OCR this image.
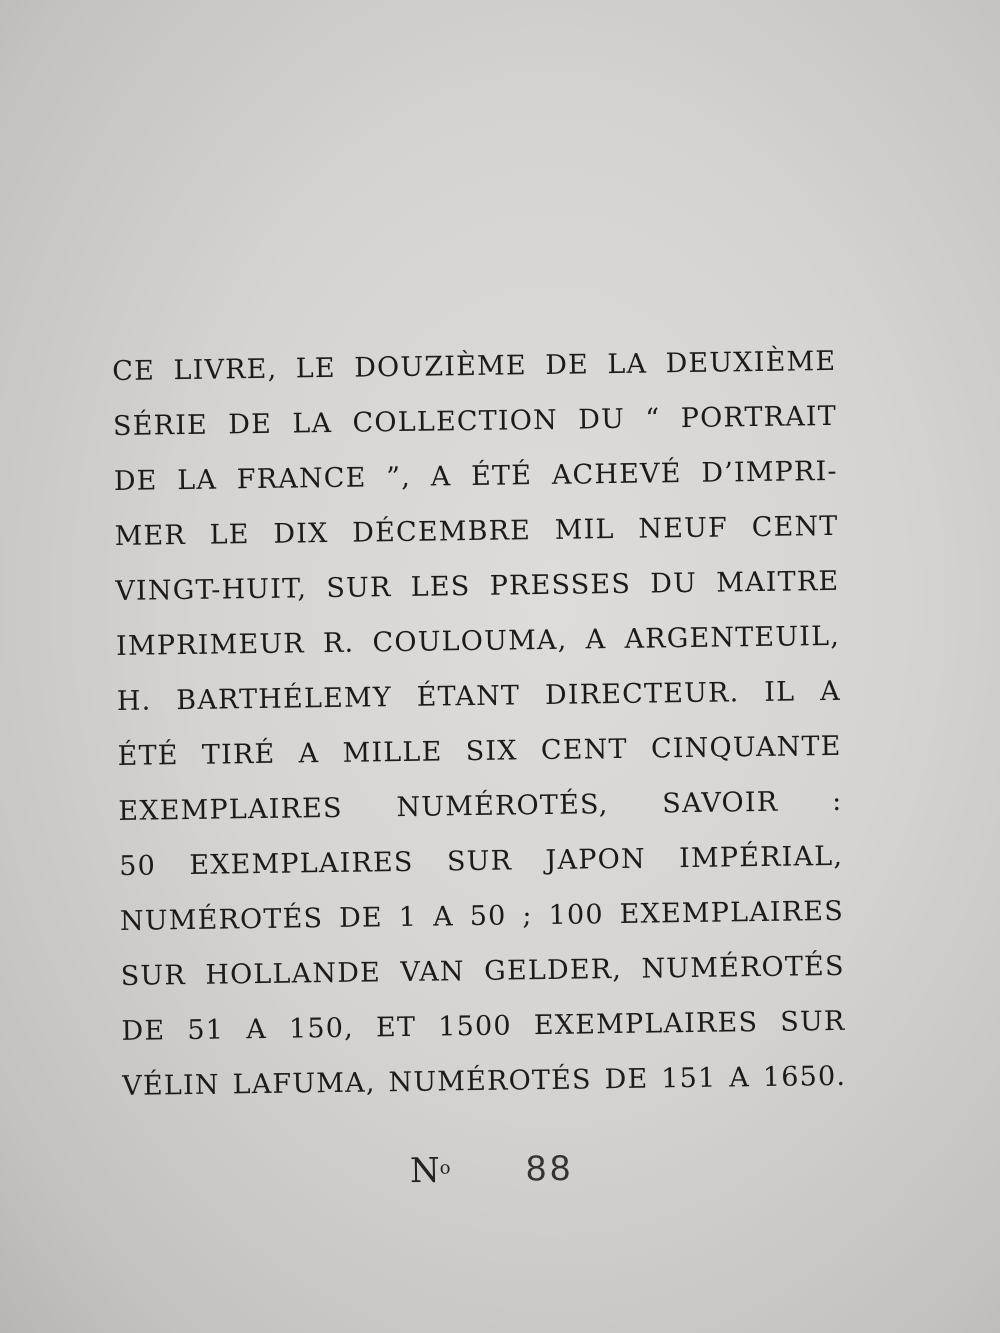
CE LIVRE, LE DOUZIÈME DE LA DEUXIÈME
SÉRIE DE LA COLLECTION DU “ PORTRAIT
DE LA FRANCE ”, A ÉTÉ ACHEVÉ D’IMPRI-
MER LE DIX DÉCEMBRE MIL NEUF CENT
VINGT-HUIT, SUR LES PRESSES DU MAITRE
IMPRIMEUR R. COULOUMA, A ARGENTEUIL,
H. BARTHÉLEMY ÉTANT DIRECTEUR. IL A
ÉTÉ TIRÉ A MILLE SIX CENT CINQUANTE
EXEMPLAIRES NUMÉROTÉS, SAVOIR :
50 EXEMPLAIRES SUR JAPON IMPÉRIAL,
NUMÉROTÉS DE 1 A 50 ; 100 EXEMPLAIRES
SUR HOLLANDE VAN GELDER, NUMÉROTÉS
DE 51 A 150, ET 1500 EXEMPLAIRES SUR
VÉLIN LAFUMA, NUMÉROTÉS DE 151 A 1650.
$N^o$ 88
